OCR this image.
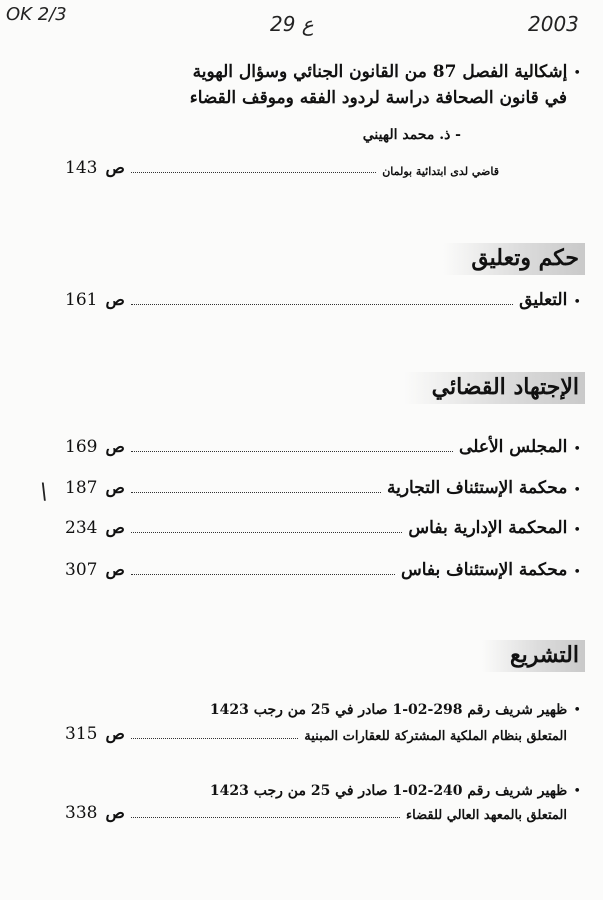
OK 2/3	ع 29	2003
\
•
إشكالية الفصل 87 من القانون الجنائي وسؤال الهوية
في قانون الصحافة دراسة لردود الفقه وموقف القضاء
- ذ. محمد الهيني
قاضي لدى ابتدائية بولمان
143 ص
حكم وتعليق
•
التعليق
161 ص
الإجتهاد القضائي
•
المجلس الأعلى
169 ص
•
محكمة الإستئناف التجارية
187 ص
•
المحكمة الإدارية بفاس
234 ص
•
محكمة الإستئناف بفاس
307 ص
التشريع
•
ظهير شريف رقم 298-02-1 صادر في 25 من رجب 1423
المتعلق بنظام الملكية المشتركة للعقارات المبنية
315 ص
•
ظهير شريف رقم 240-02-1 صادر في 25 من رجب 1423
المتعلق بالمعهد العالي للقضاء
338 ص
